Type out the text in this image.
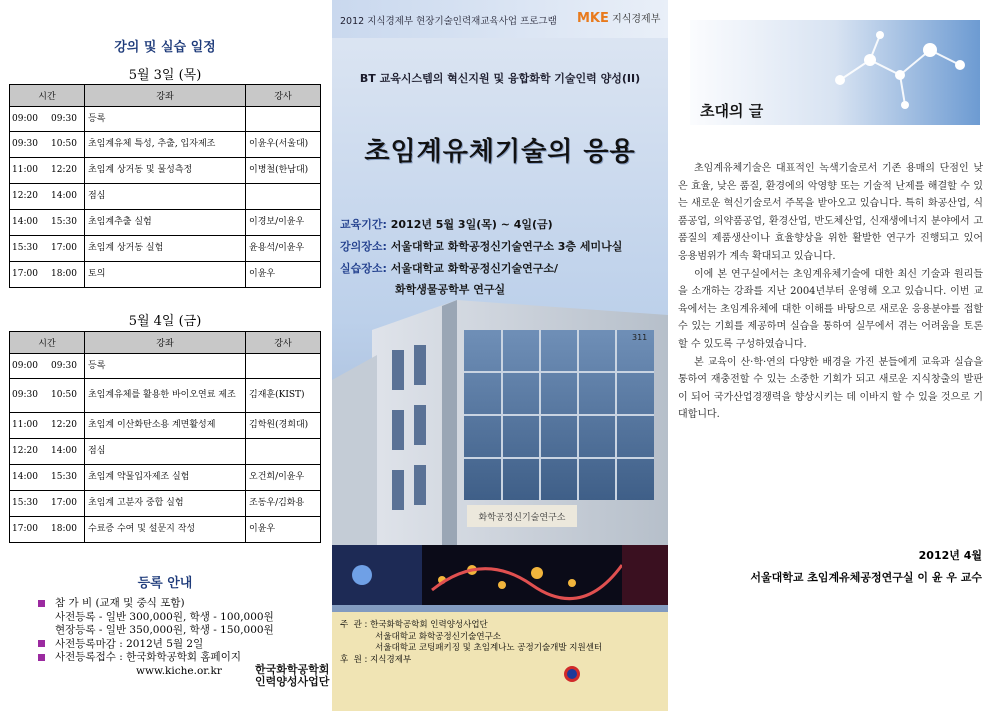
강의 및 실습 일정
5월 3일 (목)
시간		강좌	강사
09:00	09:30	등록	
09:30	10:50	초임계유체 특성, 추출, 입자제조	이윤우(서울대)
11:00	12:20	초임계 상거동 및 물성측정	이병철(한남대)
12:20	14:00	점심	
14:00	15:30	초임계추출 실험	이경보/이윤우
15:30	17:00	초임계 상거동 실험	윤용석/이윤우
17:00	18:00	토의	이윤우
5월 4일 (금)
시간		강좌	강사
09:00	09:30	등록	
09:30	10:50	초임계유체를 활용한 바이오연료 제조	김재훈(KIST)
11:00	12:20	초임계 이산화탄소용 계면활성제	김학원(경희대)
12:20	14:00	점심	
14:00	15:30	초임계 약물입자제조 실험	오건희/이윤우
15:30	17:00	초임계 고분자 중합 실험	조동우/김화용
17:00	18:00	수료증 수여 및 설문지 작성	이윤우
등록 안내
참 가 비 (교재 및 중식 포함)
사전등록 - 일반 300,000원, 학생 - 100,000원
현장등록 - 일반 350,000원, 학생 - 150,000원
사전등록마감 : 2012년 5월 2일
사전등록접수 : 한국화학공학회 홈페이지
www.kiche.or.kr
2012 지식경제부 현장기술인력재교육사업 프로그램 MKE 지식경제부
BT 교육시스템의 혁신지원 및 융합화학 기술인력 양성(II)
초임계유체기술의 응용
교육기간: 2012년 5월 3일(목) ~ 4일(금)
강의장소: 서울대학교 화학공정신기술연구소 3층 세미나실
실습장소: 서울대학교 화학공정신기술연구소/
화학생물공학부 연구실
화학공정신기술연구소
311
주  관 : 한국화학공학회 인력양성사업단
서울대학교 화학공정신기술연구소
서울대학교 코팅패키징 및 초임계나노 공정기술개발 지원센터
후  원 : 지식경제부
한국화학공학회
인력양성사업단
초대의 글

초임계유체기술은 대표적인 녹색기술로서 기존 용매의 단점인 낮은 효율, 낮은 품질, 환경에의 악영향 또는 기술적 난제를 해결할 수 있는 새로운 혁신기술로서 주목을 받아오고 있습니다. 특히 화공산업, 식품공업, 의약품공업, 환경산업, 반도체산업, 신재생에너지 분야에서 고품질의 제품생산이나 효율향상을 위한 활발한 연구가 진행되고 있어 응용범위가 계속 확대되고 있습니다.

이에 본 연구실에서는 초임계유체기술에 대한 최신 기술과 원리들을 소개하는 강좌를 지난 2004년부터 운영해 오고 있습니다. 이번 교육에서는 초임계유체에 대한 이해를 바탕으로 새로운 응용분야를 접할 수 있는 기회를 제공하며 실습을 통하여 실무에서 겪는 어려움을 토론할 수 있도록 구성하였습니다.

본 교육이 산·학·연의 다양한 배경을 가진 분들에게 교육과 실습을 통하여 재충전할 수 있는 소중한 기회가 되고 새로운 지식창출의 발판이 되어 국가산업경쟁력을 향상시키는 데 이바지 할 수 있을 것으로 기대합니다.

2012년 4월
서울대학교 초임계유체공정연구실 이 윤 우 교수
